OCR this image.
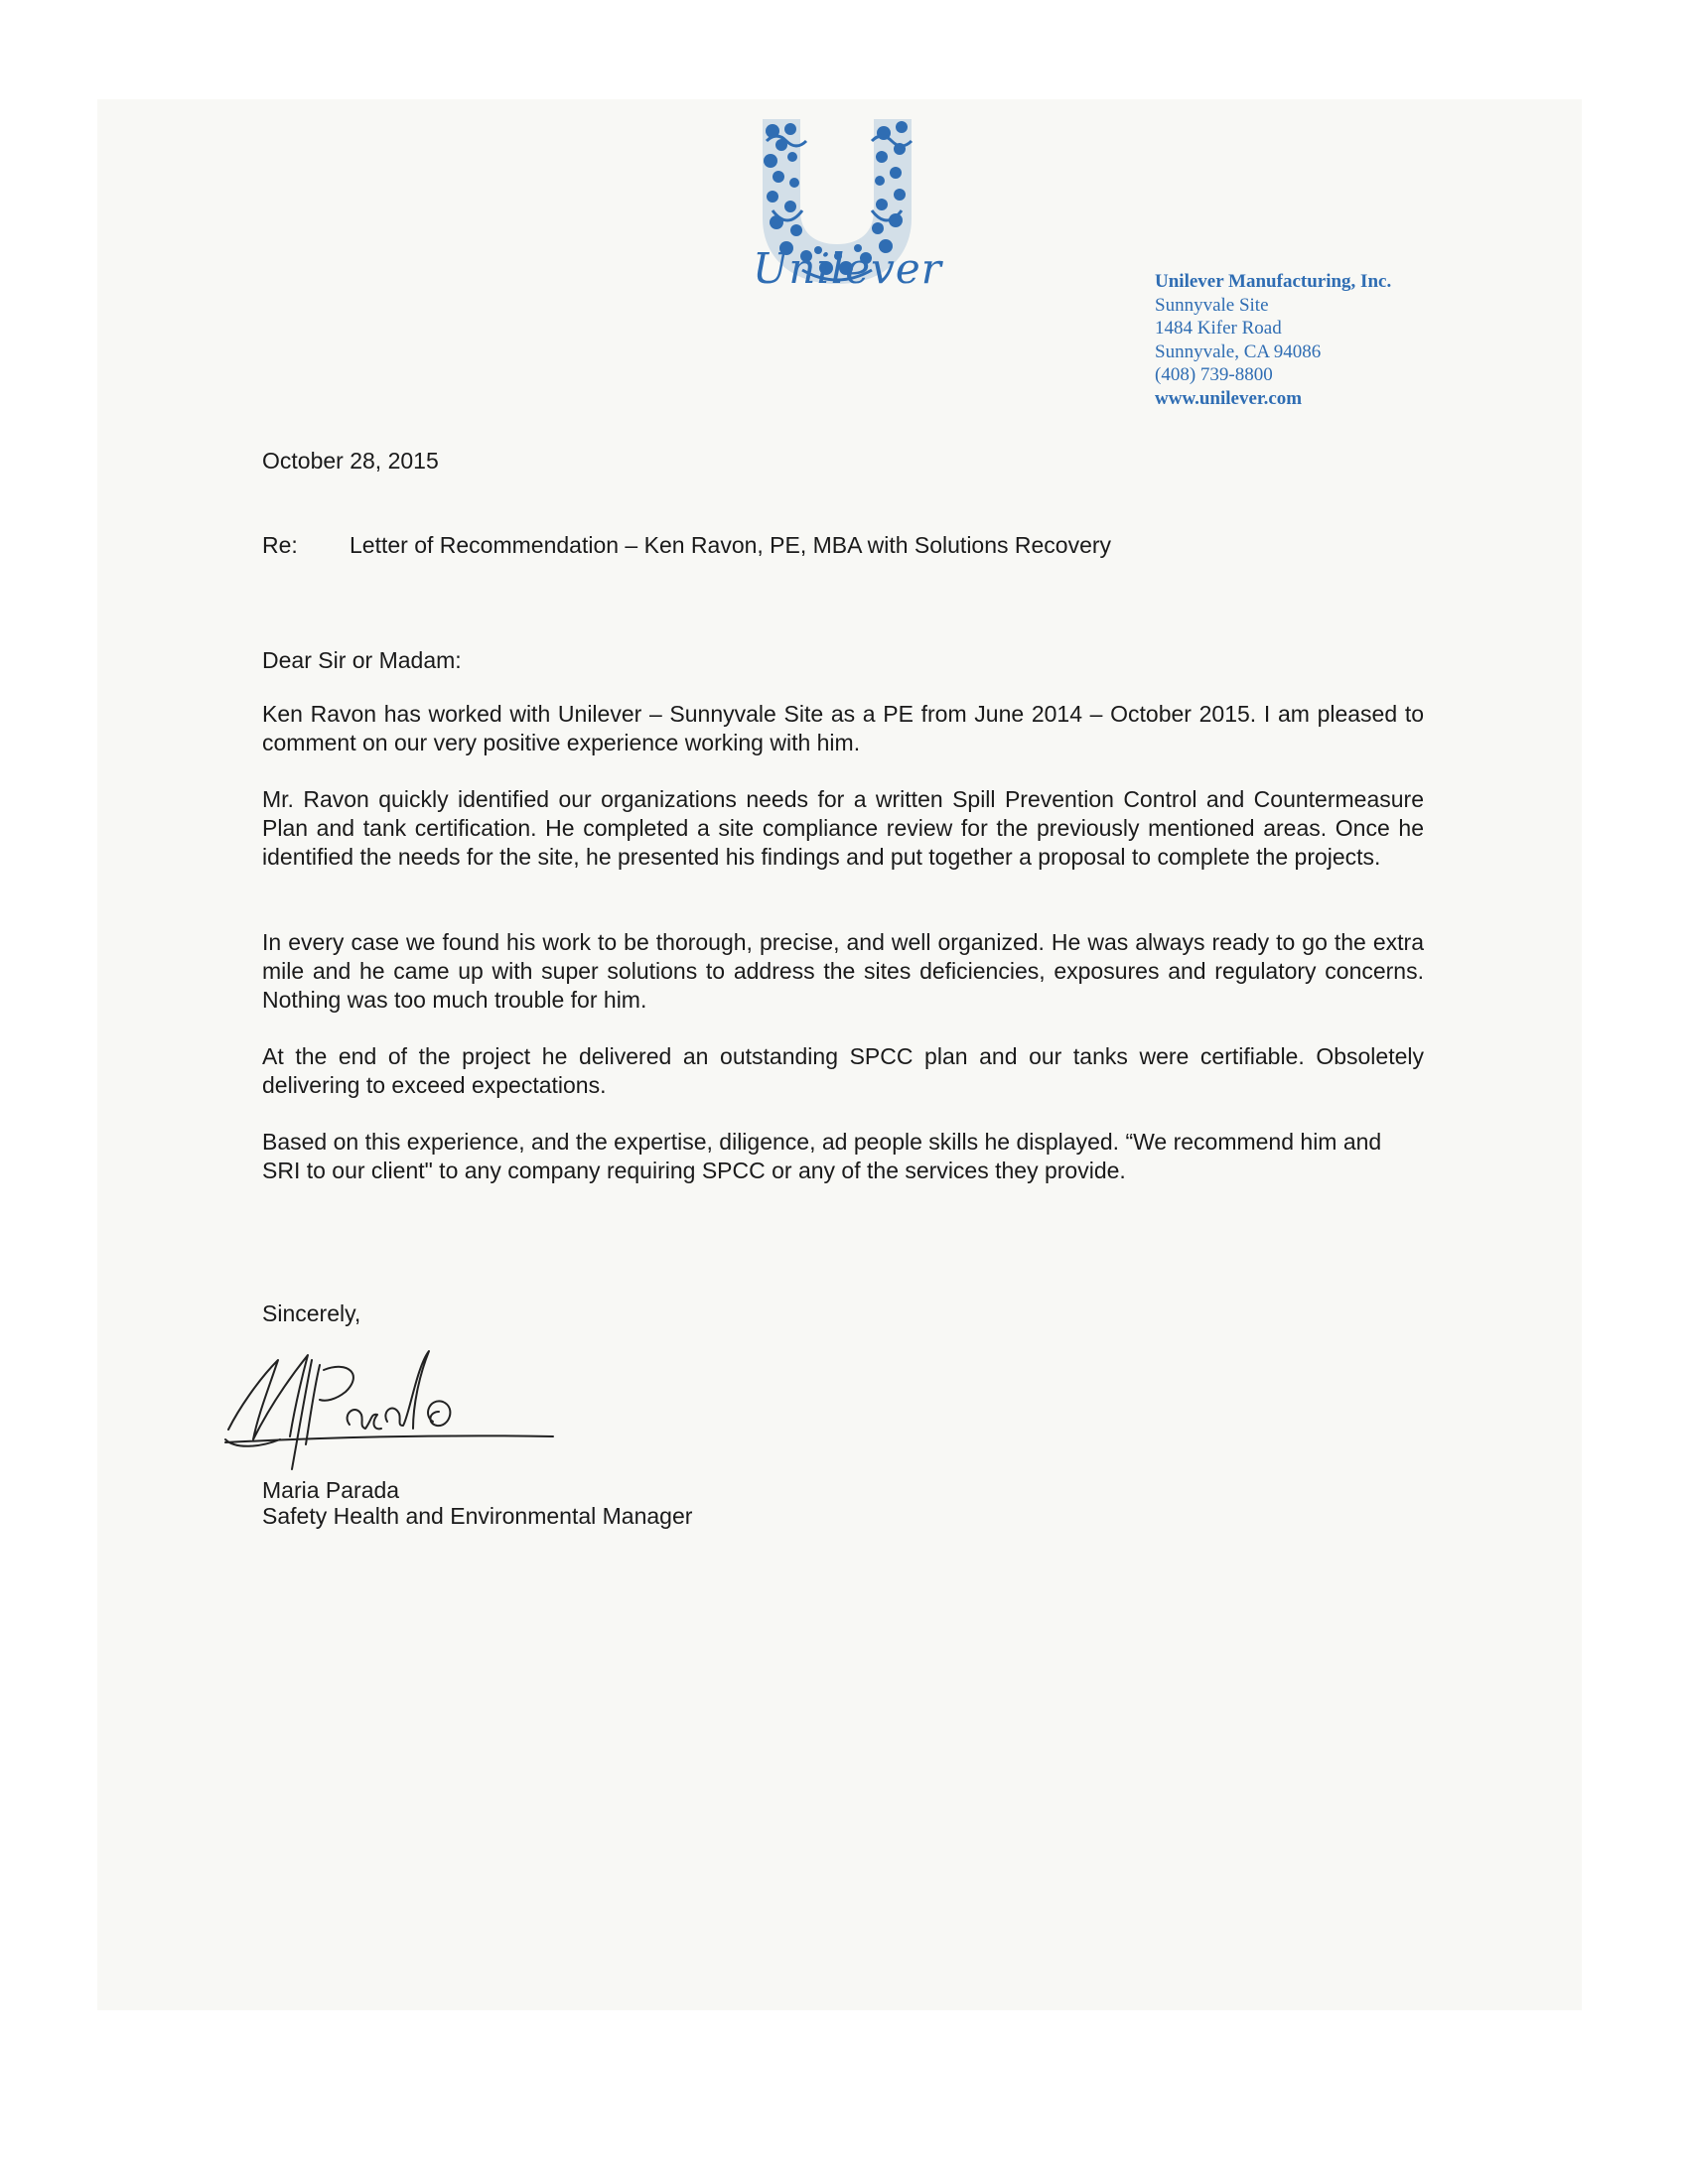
Unilever	Unilever Manufacturing, Inc.
Sunnyvale Site
1484 Kifer Road
Sunnyvale, CA 94086
(408) 739-8800
www.unilever.com
October 28, 2015
Re: Letter of Recommendation – Ken Ravon, PE, MBA with Solutions Recovery
Dear Sir or Madam:
Ken Ravon has worked with Unilever – Sunnyvale Site as a PE from June 2014 – October 2015. I am pleased to comment on our very positive experience working with him.
Mr. Ravon quickly identified our organizations needs for a written Spill Prevention Control and Countermeasure Plan and tank certification. He completed a site compliance review for the previously mentioned areas. Once he identified the needs for the site, he presented his findings and put together a proposal to complete the projects.
In every case we found his work to be thorough, precise, and well organized. He was always ready to go the extra mile and he came up with super solutions to address the sites deficiencies, exposures and regulatory concerns. Nothing was too much trouble for him.
At the end of the project he delivered an outstanding SPCC plan and our tanks were certifiable. Obsoletely delivering to exceed expectations.
Based on this experience, and the expertise, diligence, ad people skills he displayed. “We recommend him and SRI to our client" to any company requiring SPCC or any of the services they provide.
Sincerely,
Maria Parada
Safety Health and Environmental Manager
